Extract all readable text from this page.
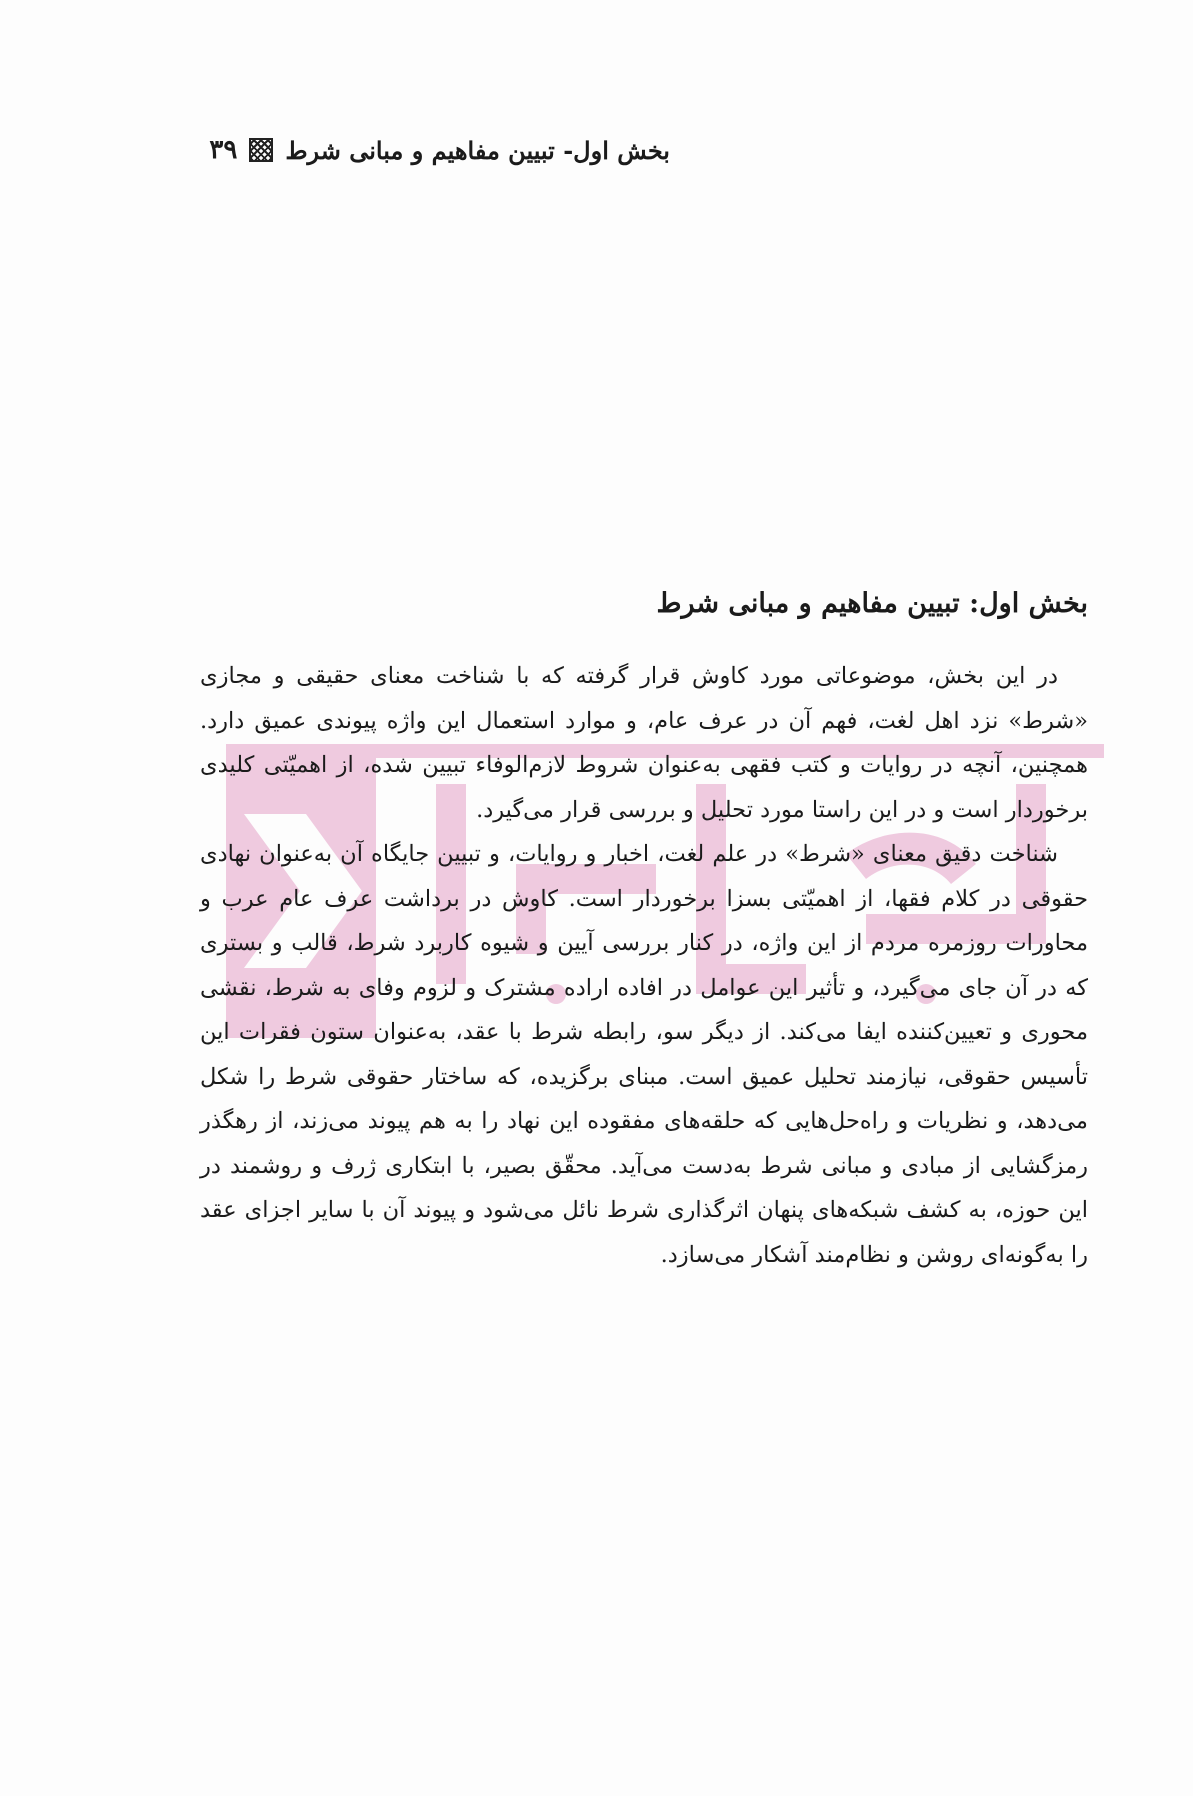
بخش اول- تبیین مفاهیم و مبانی شرط
۳۹
بخش اول: تبیین مفاهیم و مبانی شرط

در این بخش، موضوعاتی مورد کاوش قرار گرفته که با شناخت معنای حقیقی و مجازی «شرط» نزد اهل لغت، فهم آن در عرف عام، و موارد استعمال این واژه پیوندی عمیق دارد. همچنین، آنچه در روایات و کتب فقهی به‌عنوان شروط لازم‌الوفاء تبیین شده، از اهمیّتی کلیدی برخوردار است و در این راستا مورد تحلیل و بررسی قرار می‌گیرد.

شناخت دقیق معنای «شرط» در علم لغت، اخبار و روایات، و تبیین جایگاه آن به‌عنوان نهادی حقوقی در کلام فقها، از اهمیّتی بسزا برخوردار است. کاوش در برداشت عرف عام عرب و محاورات روزمره مردم از این واژه، در کنار بررسی آیین و شیوه کاربرد شرط، قالب و بستری که در آن جای می‌گیرد، و تأثیر این عوامل در افاده اراده مشترک و لزوم وفای به شرط، نقشی محوری و تعیین‌کننده ایفا می‌کند. از دیگر سو، رابطه شرط با عقد، به‌عنوان ستون فقرات این تأسیس حقوقی، نیازمند تحلیل عمیق است. مبنای برگزیده، که ساختار حقوقی شرط را شکل می‌دهد، و نظریات و راه‌حل‌هایی که حلقه‌های مفقوده این نهاد را به هم پیوند می‌زند، از رهگذر رمزگشایی از مبادی و مبانی شرط به‌دست می‌آید. محقّق بصیر، با ابتکاری ژرف و روشمند در این حوزه، به کشف شبکه‌های پنهان اثرگذاری شرط نائل می‌شود و پیوند آن با سایر اجزای عقد را به‌گونه‌ای روشن و نظام‌مند آشکار می‌سازد.
